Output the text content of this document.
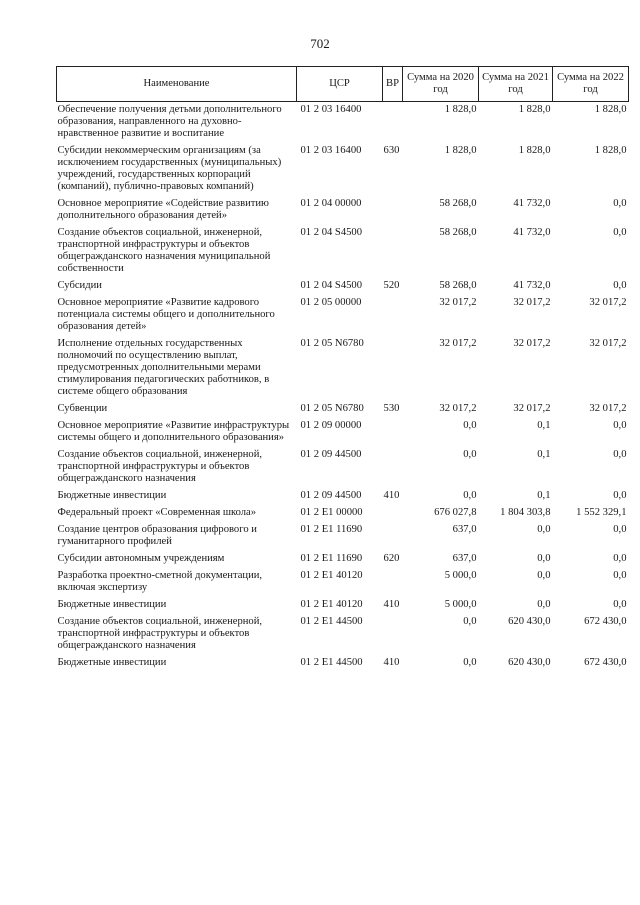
702
Наименование	ЦСР	ВР	Сумма на 2020 год	Сумма на 2021 год	Сумма на 2022 год
Обеспечение получения детьми дополнительного образования, направленного на духовно-нравственное развитие и воспитание	01 2 03 16400		1 828,0	1 828,0	1 828,0
Субсидии некоммерческим организациям (за исключением государственных (муниципальных) учреждений, государственных корпораций (компаний), публично-правовых компаний)	01 2 03 16400	630	1 828,0	1 828,0	1 828,0
Основное мероприятие «Содействие развитию дополнительного образования детей»	01 2 04 00000		58 268,0	41 732,0	0,0
Создание объектов социальной, инженерной, транспортной инфраструктуры и объектов общегражданского назначения муниципальной собственности	01 2 04 S4500		58 268,0	41 732,0	0,0
Субсидии	01 2 04 S4500	520	58 268,0	41 732,0	0,0
Основное мероприятие «Развитие кадрового потенциала системы общего и дополнительного образования детей»	01 2 05 00000		32 017,2	32 017,2	32 017,2
Исполнение отдельных государственных полномочий по осуществлению выплат, предусмотренных дополнительными мерами стимулирования педагогических работников, в системе общего образования	01 2 05 N6780		32 017,2	32 017,2	32 017,2
Субвенции	01 2 05 N6780	530	32 017,2	32 017,2	32 017,2
Основное мероприятие «Развитие инфраструктуры системы общего и дополнительного образования»	01 2 09 00000		0,0	0,1	0,0
Создание объектов социальной, инженерной, транспортной инфраструктуры и объектов общегражданского назначения	01 2 09 44500		0,0	0,1	0,0
Бюджетные инвестиции	01 2 09 44500	410	0,0	0,1	0,0
Федеральный проект «Современная школа»	01 2 E1 00000		676 027,8	1 804 303,8	1 552 329,1
Создание центров образования цифрового и гуманитарного профилей	01 2 E1 11690		637,0	0,0	0,0
Субсидии автономным учреждениям	01 2 E1 11690	620	637,0	0,0	0,0
Разработка проектно-сметной документации, включая экспертизу	01 2 E1 40120		5 000,0	0,0	0,0
Бюджетные инвестиции	01 2 E1 40120	410	5 000,0	0,0	0,0
Создание объектов социальной, инженерной, транспортной инфраструктуры и объектов общегражданского назначения	01 2 E1 44500		0,0	620 430,0	672 430,0
Бюджетные инвестиции	01 2 E1 44500	410	0,0	620 430,0	672 430,0
